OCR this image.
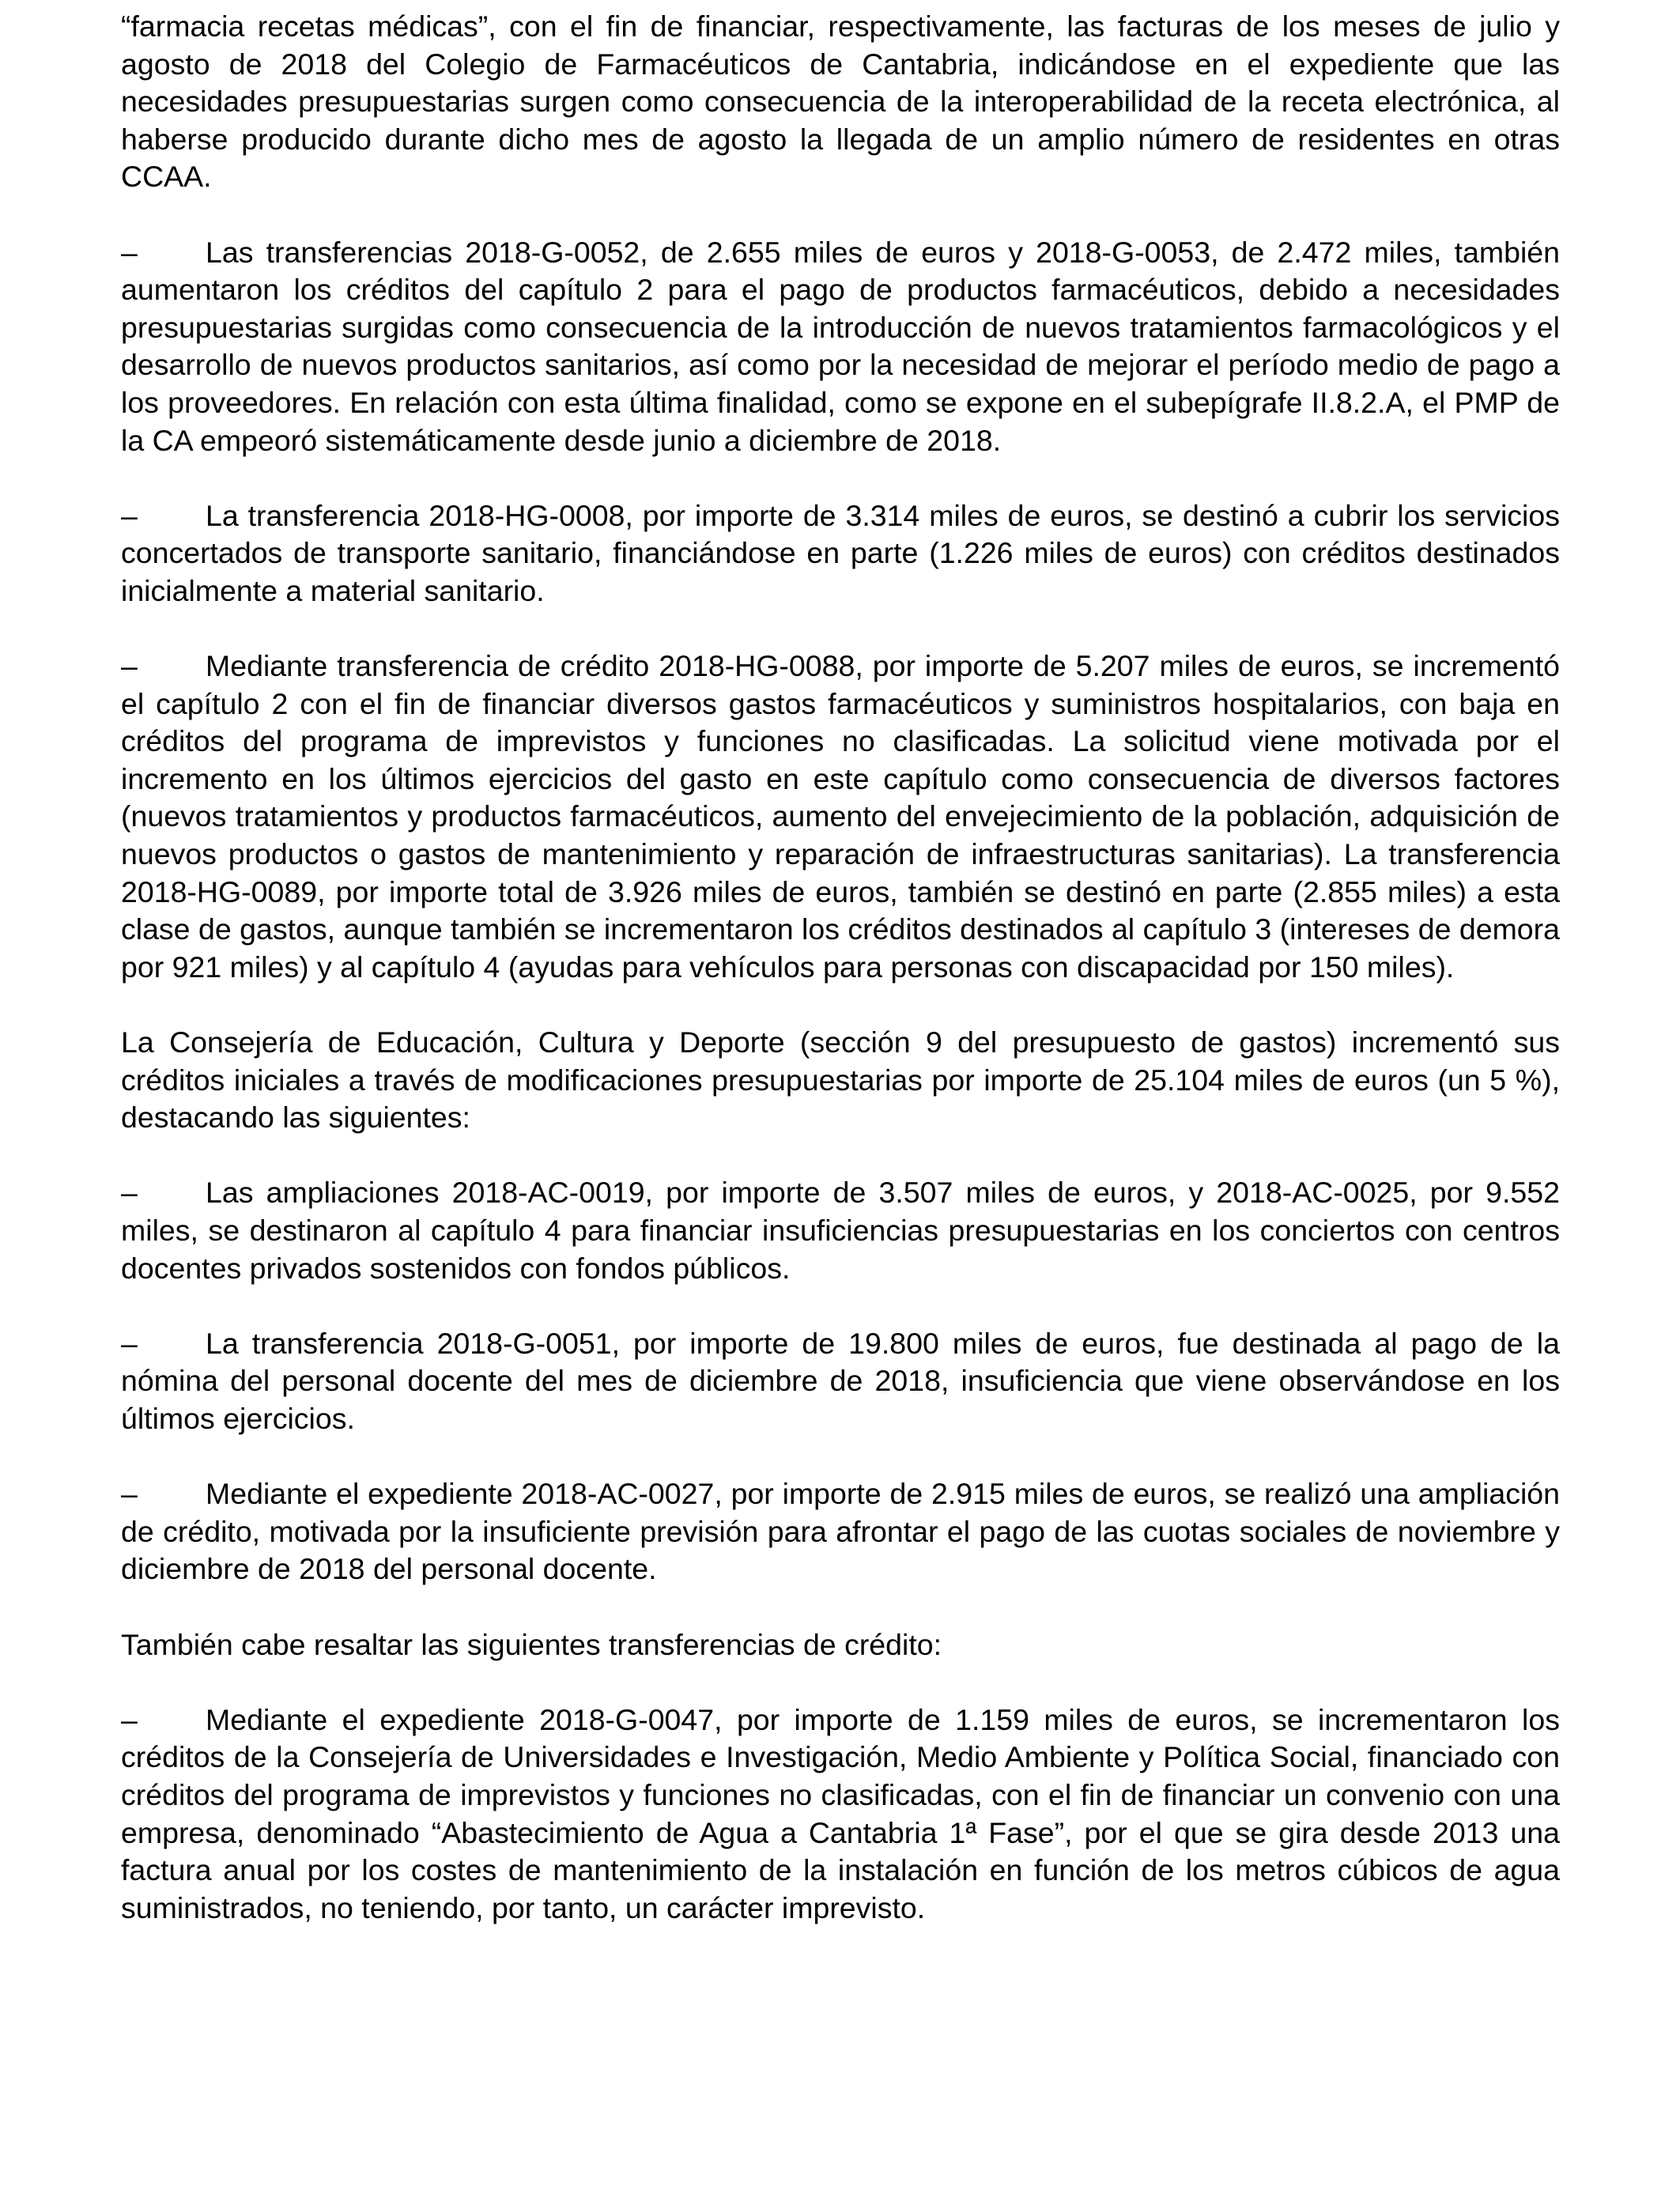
“farmacia recetas médicas”, con el fin de financiar, respectivamente, las facturas de los meses de julio y agosto de 2018 del Colegio de Farmacéuticos de Cantabria, indicándose en el expediente que las necesidades presupuestarias surgen como consecuencia de la interoperabilidad de la receta electrónica, al haberse producido durante dicho mes de agosto la llegada de un amplio número de residentes en otras CCAA.

– Las transferencias 2018-G-0052, de 2.655 miles de euros y 2018-G-0053, de 2.472 miles, también aumentaron los créditos del capítulo 2 para el pago de productos farmacéuticos, debido a necesidades presupuestarias surgidas como consecuencia de la introducción de nuevos tratamientos farmacológicos y el desarrollo de nuevos productos sanitarios, así como por la necesidad de mejorar el período medio de pago a los proveedores. En relación con esta última finalidad, como se expone en el subepígrafe II.8.2.A, el PMP de la CA empeoró sistemáticamente desde junio a diciembre de 2018.

– La transferencia 2018-HG-0008, por importe de 3.314 miles de euros, se destinó a cubrir los servicios concertados de transporte sanitario, financiándose en parte (1.226 miles de euros) con créditos destinados inicialmente a material sanitario.

– Mediante transferencia de crédito 2018-HG-0088, por importe de 5.207 miles de euros, se incrementó el capítulo 2 con el fin de financiar diversos gastos farmacéuticos y suministros hospitalarios, con baja en créditos del programa de imprevistos y funciones no clasificadas. La solicitud viene motivada por el incremento en los últimos ejercicios del gasto en este capítulo como consecuencia de diversos factores (nuevos tratamientos y productos farmacéuticos, aumento del envejecimiento de la población, adquisición de nuevos productos o gastos de mantenimiento y reparación de infraestructuras sanitarias). La transferencia 2018-HG-0089, por importe total de 3.926 miles de euros, también se destinó en parte (2.855 miles) a esta clase de gastos, aunque también se incrementaron los créditos destinados al capítulo 3 (intereses de demora por 921 miles) y al capítulo 4 (ayudas para vehículos para personas con discapacidad por 150 miles).

La Consejería de Educación, Cultura y Deporte (sección 9 del presupuesto de gastos) incrementó sus créditos iniciales a través de modificaciones presupuestarias por importe de 25.104 miles de euros (un 5 %), destacando las siguientes:

– Las ampliaciones 2018-AC-0019, por importe de 3.507 miles de euros, y 2018-AC-0025, por 9.552 miles, se destinaron al capítulo 4 para financiar insuficiencias presupuestarias en los conciertos con centros docentes privados sostenidos con fondos públicos.

– La transferencia 2018-G-0051, por importe de 19.800 miles de euros, fue destinada al pago de la nómina del personal docente del mes de diciembre de 2018, insuficiencia que viene observándose en los últimos ejercicios.

– Mediante el expediente 2018-AC-0027, por importe de 2.915 miles de euros, se realizó una ampliación de crédito, motivada por la insuficiente previsión para afrontar el pago de las cuotas sociales de noviembre y diciembre de 2018 del personal docente.

También cabe resaltar las siguientes transferencias de crédito:

– Mediante el expediente 2018-G-0047, por importe de 1.159 miles de euros, se incrementaron los créditos de la Consejería de Universidades e Investigación, Medio Ambiente y Política Social, financiado con créditos del programa de imprevistos y funciones no clasificadas, con el fin de financiar un convenio con una empresa, denominado “Abastecimiento de Agua a Cantabria 1ª Fase”, por el que se gira desde 2013 una factura anual por los costes de mantenimiento de la instalación en función de los metros cúbicos de agua suministrados, no teniendo, por tanto, un carácter imprevisto.
